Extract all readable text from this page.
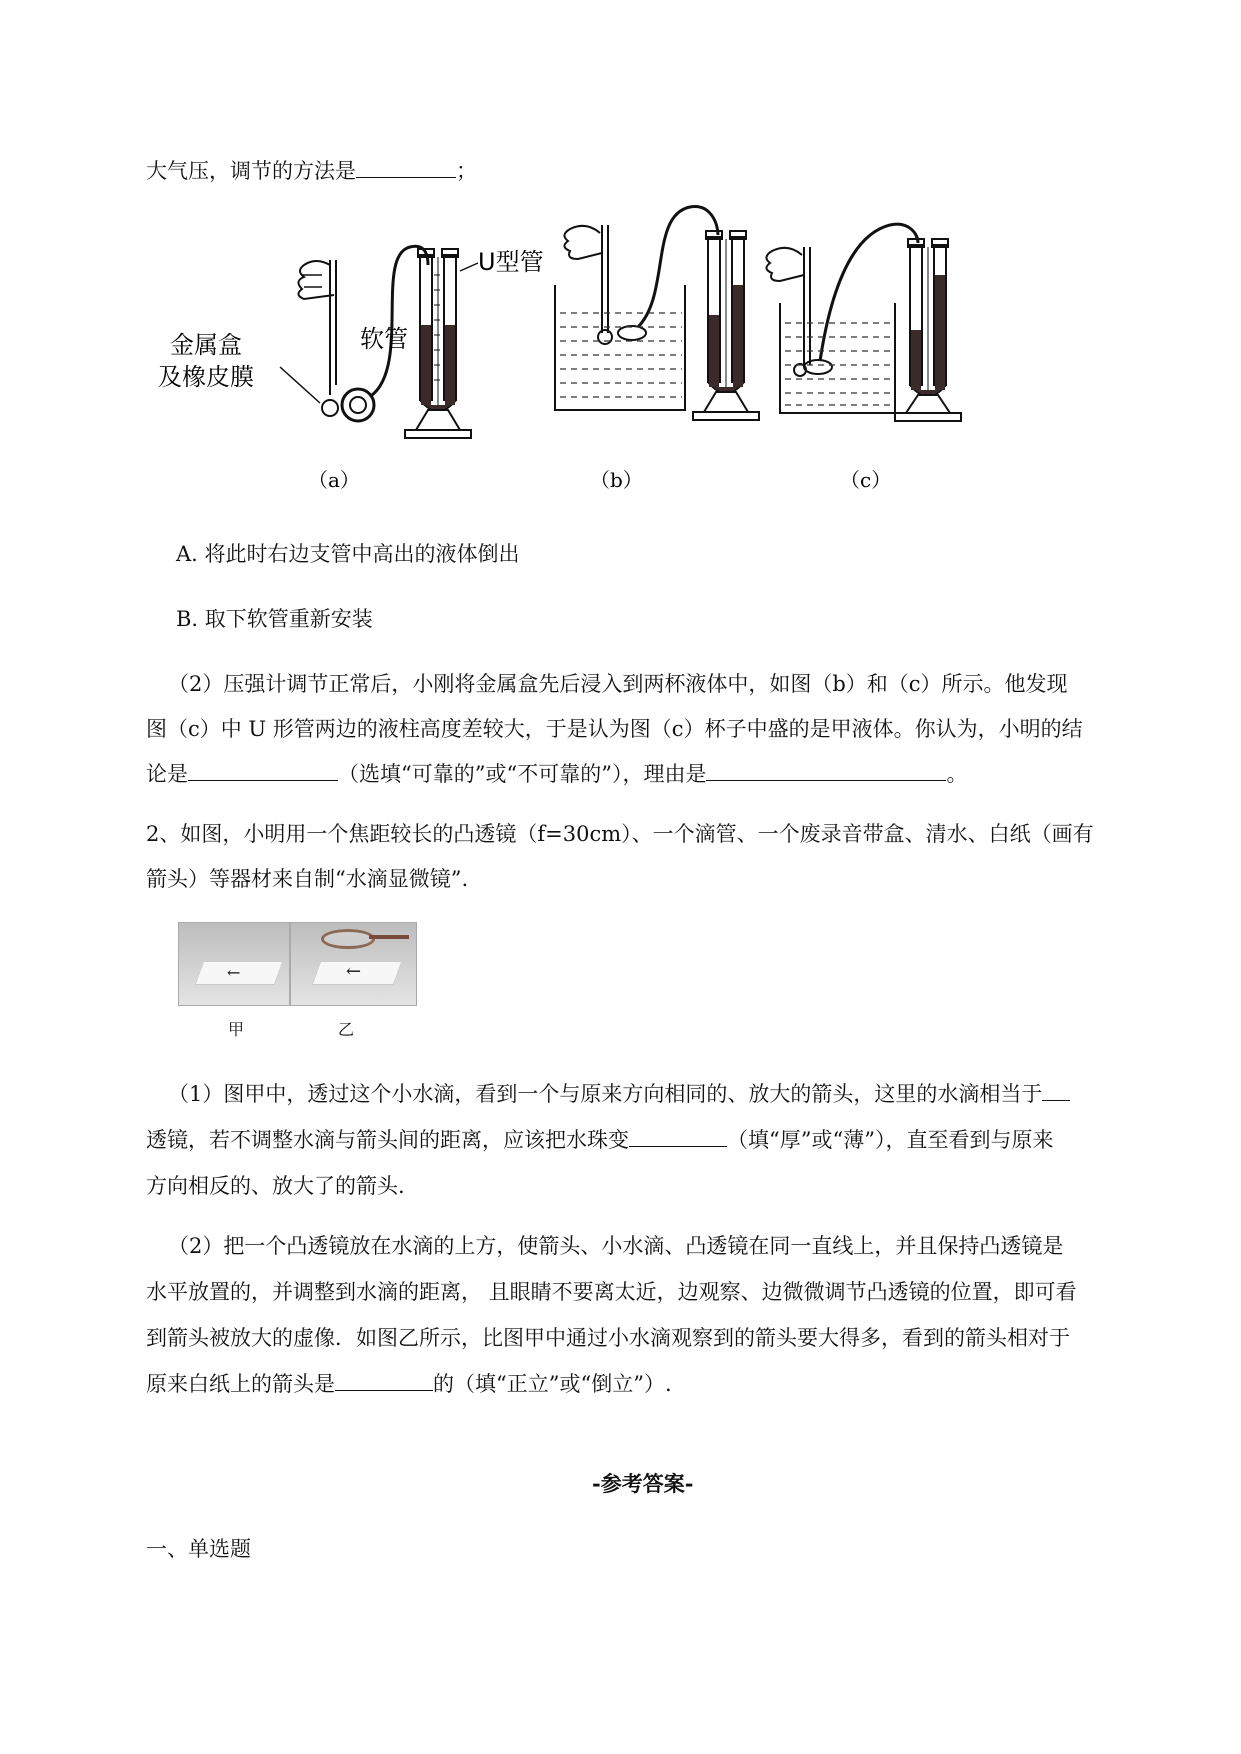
大气压，调节的方法是	；
U型管
软管
金属盒
及橡皮膜
（a）	（b）	（c）
A. 将此时右边支管中高出的液体倒出
B. 取下软管重新安装
（2）压强计调节正常后，小刚将金属盒先后浸入到两杯液体中，如图（b）和（c）所示。他发现
图（c）中 U 形管两边的液柱高度差较大，于是认为图（c）杯子中盛的是甲液体。你认为，小明的结
论是	（选填“可靠的”或“不可靠的”），理由是	。
2、如图，小明用一个焦距较长的凸透镜（f=30cm）、一个滴管、一个废录音带盒、清水、白纸（画有
箭头）等器材来自制“水滴显微镜”.
←	←
甲	乙
（1）图甲中，透过这个小水滴，看到一个与原来方向相同的、放大的箭头，这里的水滴相当于
透镜，若不调整水滴与箭头间的距离，应该把水珠变	（填“厚”或“薄”），直至看到与原来
方向相反的、放大了的箭头.
（2）把一个凸透镜放在水滴的上方，使箭头、小水滴、凸透镜在同一直线上，并且保持凸透镜是
水平放置的，并调整到水滴的距离， 且眼睛不要离太近，边观察、边微微调节凸透镜的位置，即可看
到箭头被放大的虚像．如图乙所示，比图甲中通过小水滴观察到的箭头要大得多，看到的箭头相对于
原来白纸上的箭头是	的（填“正立”或“倒立”）.
-参考答案-
一、单选题
